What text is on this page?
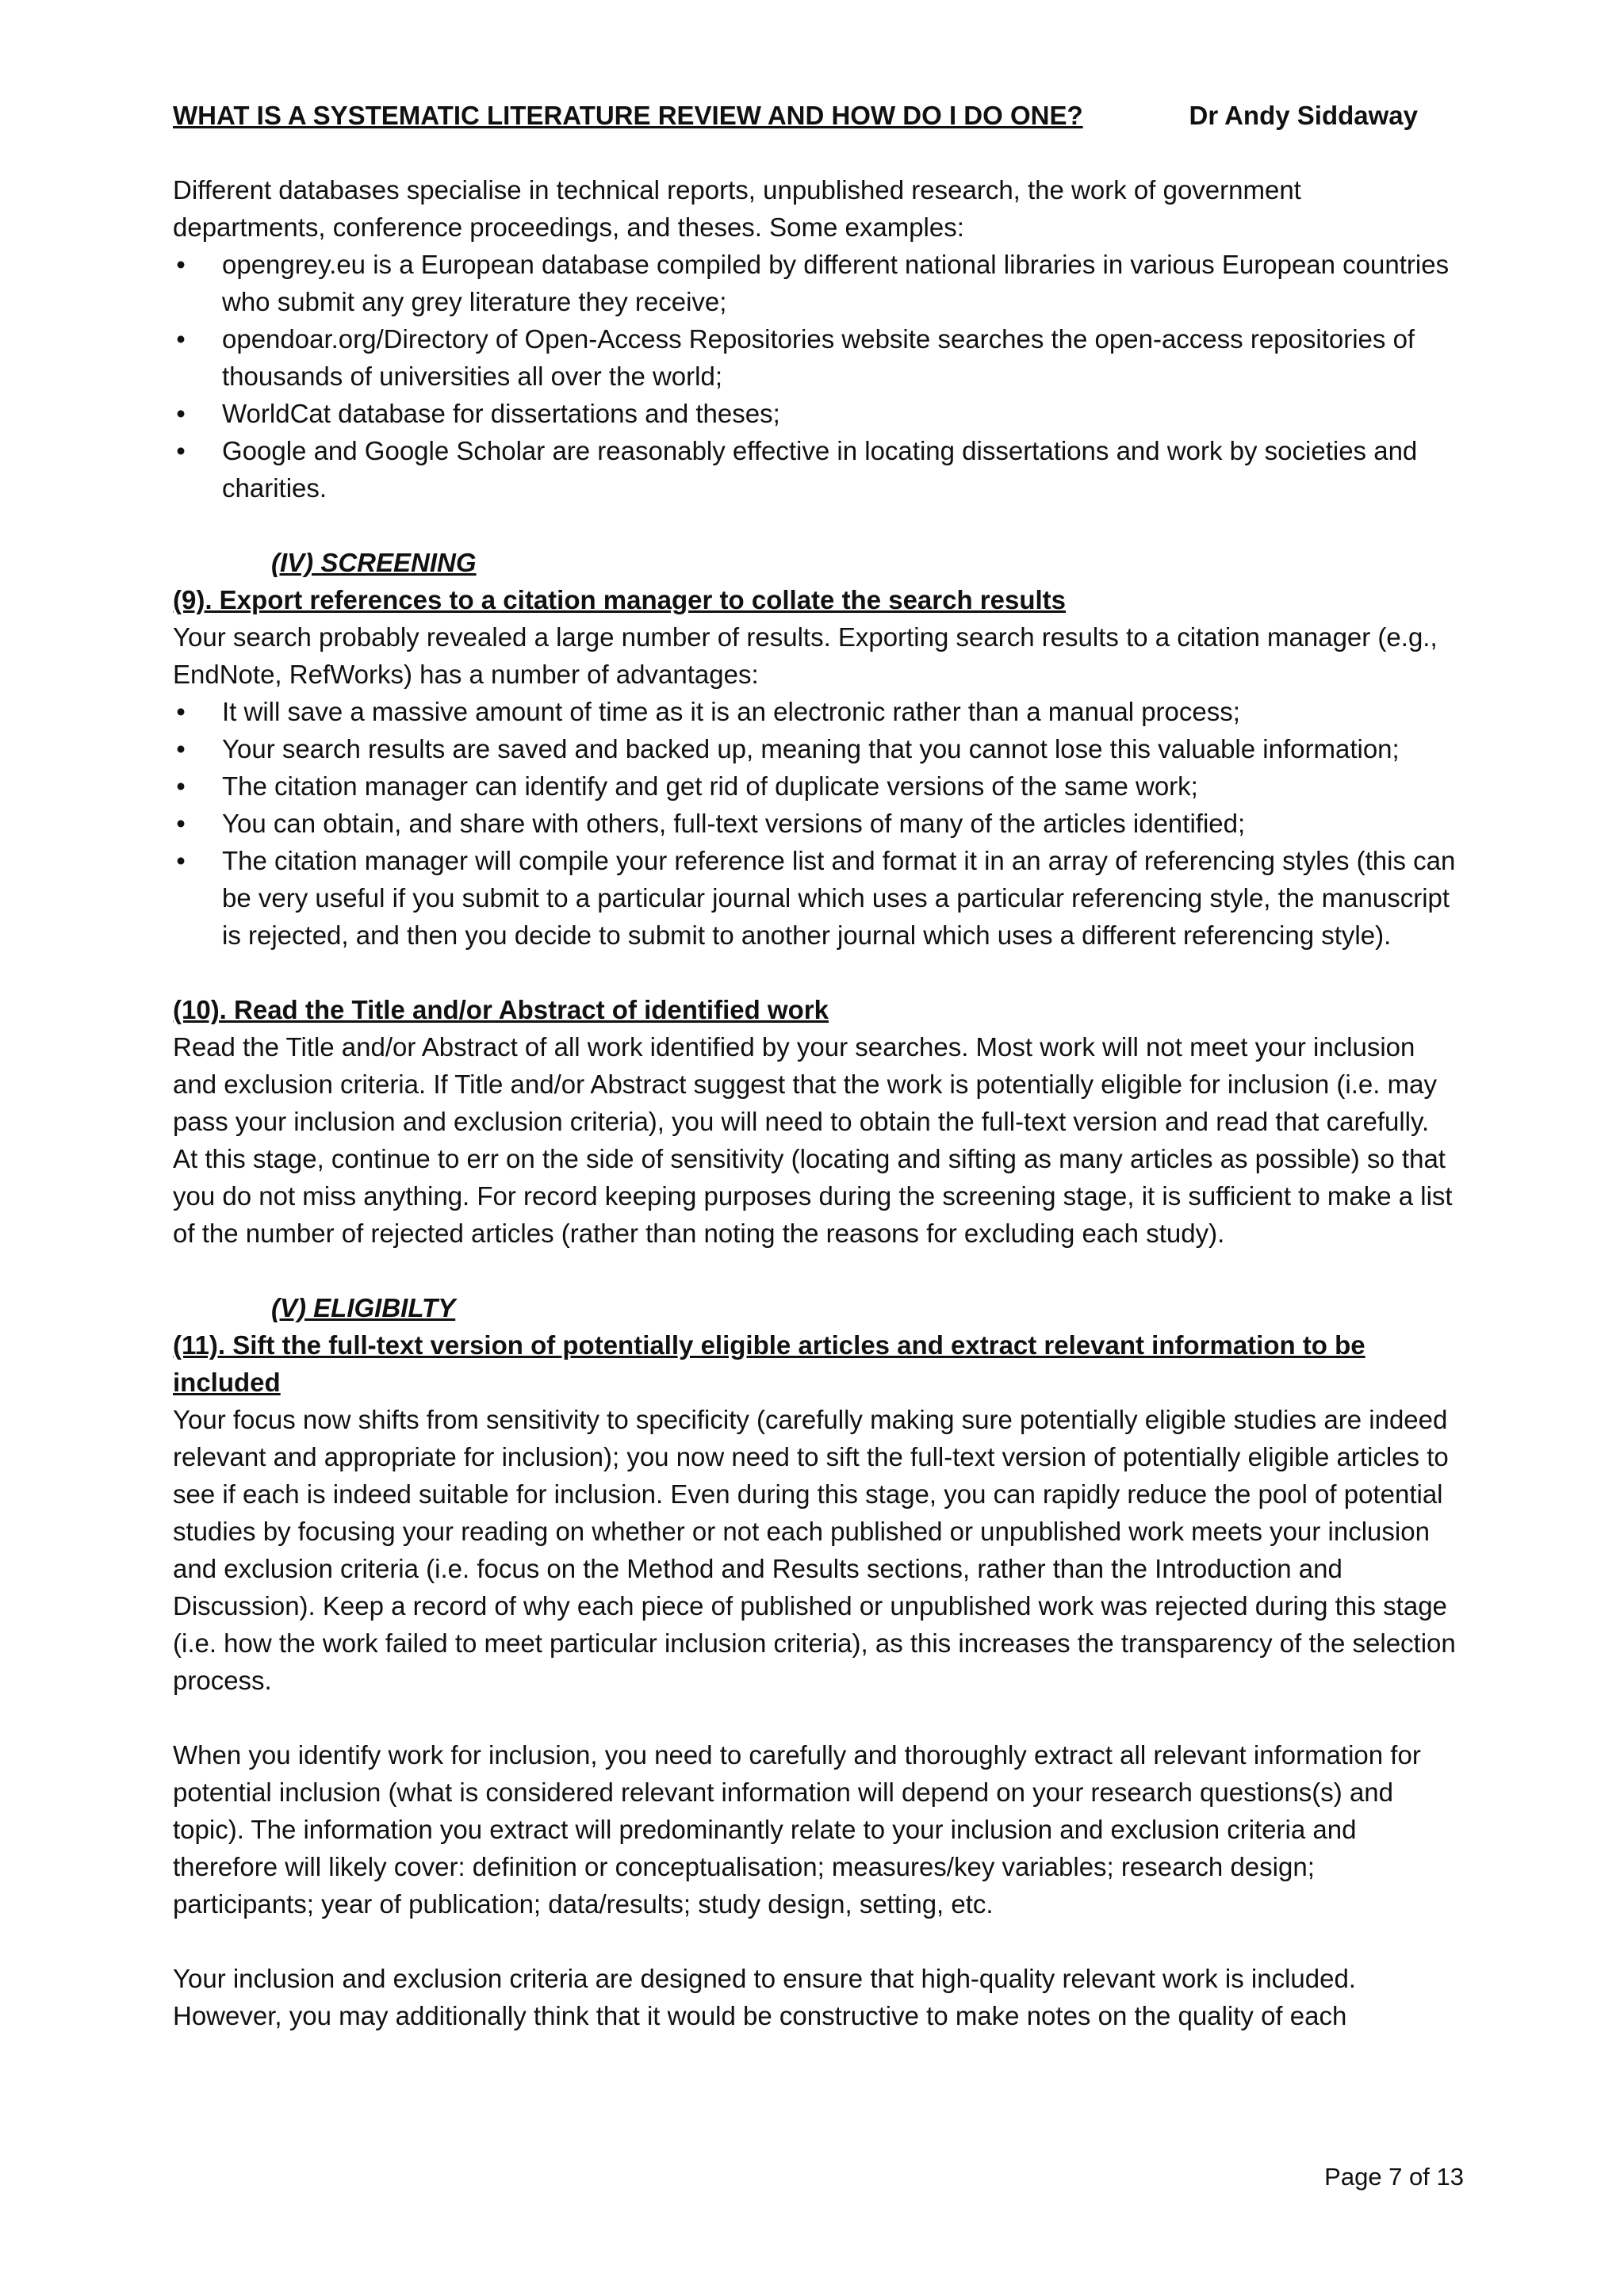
WHAT IS A SYSTEMATIC LITERATURE REVIEW AND HOW DO I DO ONE?	Dr Andy Siddaway

Different databases specialise in technical reports, unpublished research, the work of government departments, conference proceedings, and theses. Some examples:

• opengrey.eu is a European database compiled by different national libraries in various European countries who submit any grey literature they receive;
• opendoar.org/Directory of Open-Access Repositories website searches the open-access repositories of thousands of universities all over the world;
• WorldCat database for dissertations and theses;
• Google and Google Scholar are reasonably effective in locating dissertations and work by societies and charities.

(IV) SCREENING

(9). Export references to a citation manager to collate the search results

Your search probably revealed a large number of results. Exporting search results to a citation manager (e.g., EndNote, RefWorks) has a number of advantages:

• It will save a massive amount of time as it is an electronic rather than a manual process;
• Your search results are saved and backed up, meaning that you cannot lose this valuable information;
• The citation manager can identify and get rid of duplicate versions of the same work;
• You can obtain, and share with others, full-text versions of many of the articles identified;
• The citation manager will compile your reference list and format it in an array of referencing styles (this can be very useful if you submit to a particular journal which uses a particular referencing style, the manuscript is rejected, and then you decide to submit to another journal which uses a different referencing style).

(10). Read the Title and/or Abstract of identified work

Read the Title and/or Abstract of all work identified by your searches. Most work will not meet your inclusion and exclusion criteria. If Title and/or Abstract suggest that the work is potentially eligible for inclusion (i.e. may pass your inclusion and exclusion criteria), you will need to obtain the full-text version and read that carefully. At this stage, continue to err on the side of sensitivity (locating and sifting as many articles as possible) so that you do not miss anything. For record keeping purposes during the screening stage, it is sufficient to make a list of the number of rejected articles (rather than noting the reasons for excluding each study).

(V) ELIGIBILTY

(11). Sift the full-text version of potentially eligible articles and extract relevant information to be included

Your focus now shifts from sensitivity to specificity (carefully making sure potentially eligible studies are indeed relevant and appropriate for inclusion); you now need to sift the full-text version of potentially eligible articles to see if each is indeed suitable for inclusion. Even during this stage, you can rapidly reduce the pool of potential studies by focusing your reading on whether or not each published or unpublished work meets your inclusion and exclusion criteria (i.e. focus on the Method and Results sections, rather than the Introduction and Discussion). Keep a record of why each piece of published or unpublished work was rejected during this stage (i.e. how the work failed to meet particular inclusion criteria), as this increases the transparency of the selection process.

When you identify work for inclusion, you need to carefully and thoroughly extract all relevant information for potential inclusion (what is considered relevant information will depend on your research questions(s) and topic). The information you extract will predominantly relate to your inclusion and exclusion criteria and therefore will likely cover: definition or conceptualisation; measures/key variables; research design; participants; year of publication; data/results; study design, setting, etc.

Your inclusion and exclusion criteria are designed to ensure that high-quality relevant work is included. However, you may additionally think that it would be constructive to make notes on the quality of each

Page 7 of 13
